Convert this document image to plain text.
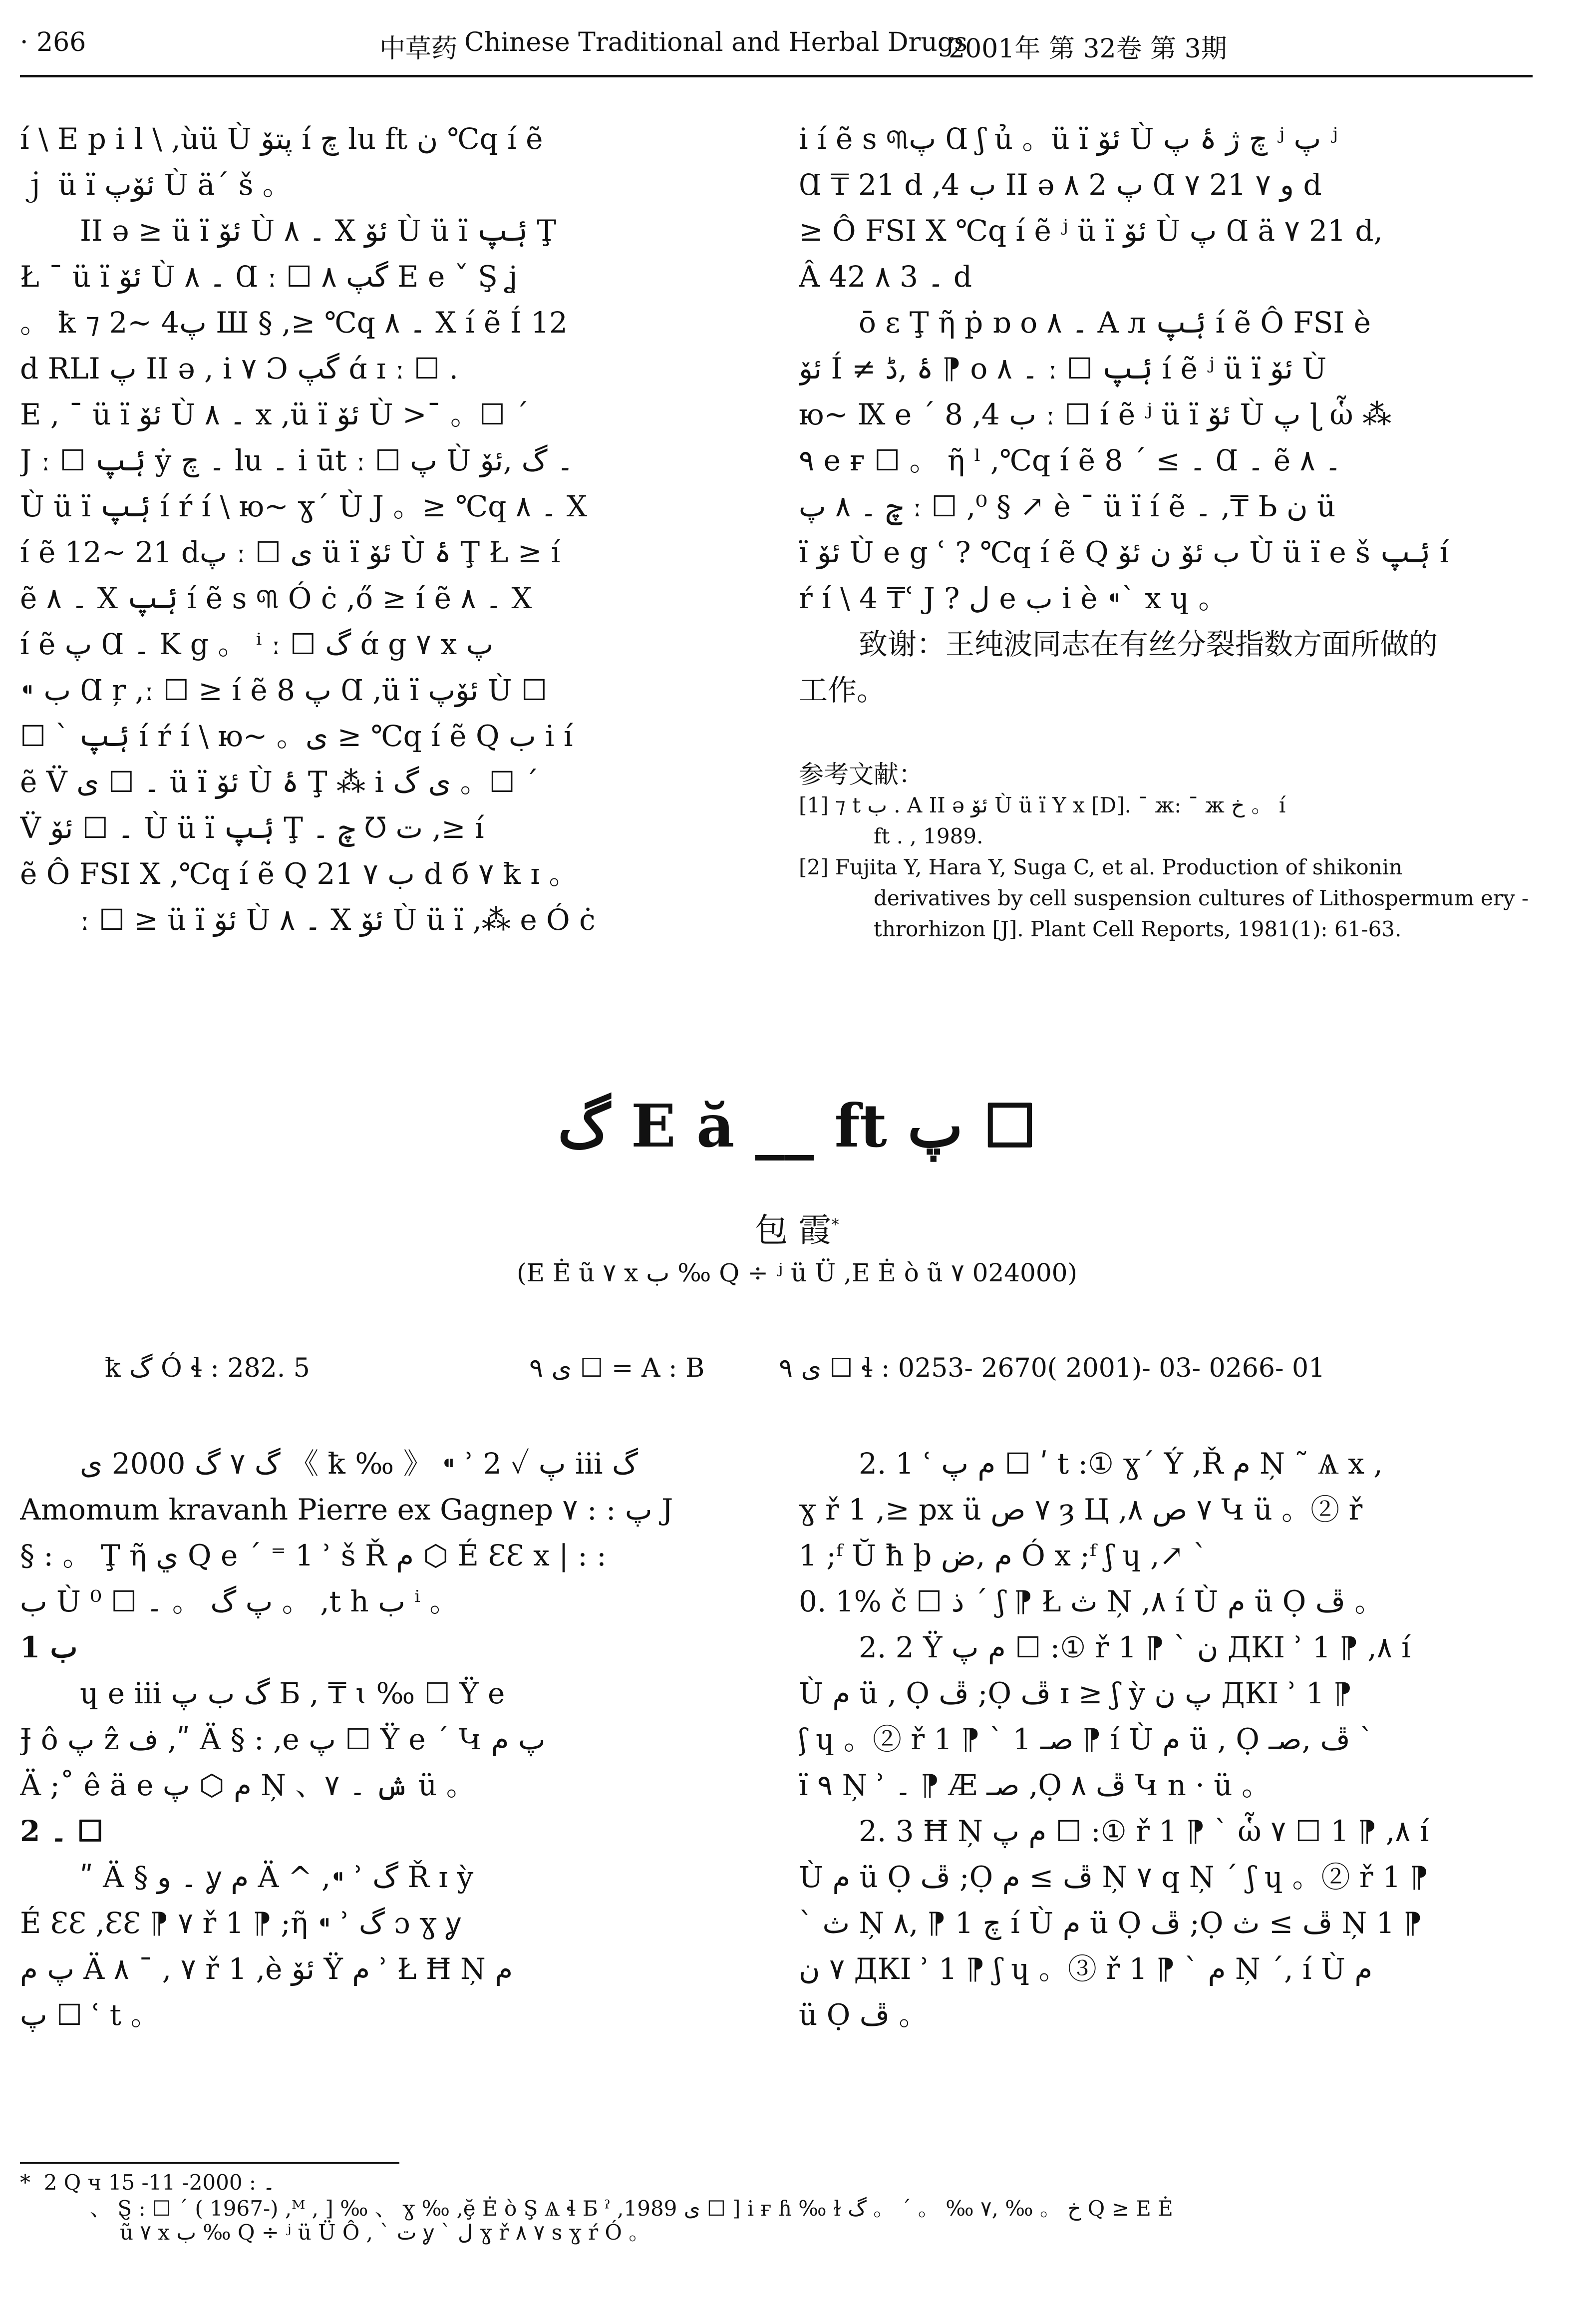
· 266	中草药 Chinese Traditional and Herbal Drugs
2001年 第 32卷 第 3期
í \ E p i l \ ,ùü Ù پتۆ í چ lu ft ن ℃q í ẽ
ｊ ü ï ئۆپ Ù ä´ š 。
II ə ≥ ü ï ئۆ Ù ۔ ۸ X ئۆ Ù ü ï ۂپ Ţ
Ł ˉ ü ï ئۆ Ù ۔ ۸ Ɑ ː ☐ ۸ گپ E e ˇ Ş ʝ
。 ꝁ ⁊ 2~ 4پ Ш § ,≥ ℃q ۔ ۸ X í ẽ Í 12
d RLI پ II ə , i ٧ Ɔ گپ ɑ́ ɪ ː ☐ .
E , ˉ ü ï ئۆ Ù ۔ ۸ x ,ü ï ئۆ Ù >ˉ 。☐ ´
J ː ☐ ۂپ ẏ ۔ چ lu ۔ i ūt ː ☐ پ Ù ۔ گ ,ئۆ
Ù ü ï ۂپ í ŕ í \ ю~ ɣ´ Ù J 。≥ ℃q ۔ ۸ X
í ẽ 12~ 21 dپ ː ☐ ی ü ï ئۆ Ù ۂ Ţ Ł ≥ í
ẽ ۔ ۸ X ۂپ í ẽ s ୩ Ó ċ ,ő ≥ í ẽ ۔ ۸ X
í ẽ پ Ɑ ۔ K g 。 ⁱ ː ☐ گ ɑ́ g ۷ x پ
⁌ ب Ɑ ŗ ,ː ☐ ≥ í ẽ پ 8 Ɑ ,ü ï ئۆپ Ù ☐
☐ ` ۂپ í ŕ í \ ю~ 。ی ≥ ℃q í ẽ Q ب i í
ẽ V̈ ۔ ☐ ی ü ï ئۆ Ù ۂ Ţ ⁂ i ی گ 。☐ ´
V̈ ۔ ☐ ئۆ Ù ü ï ۂپ Ţ چ ۔ ᘮ ت ,≥ í
ẽ Ô FSI X ,℃q í ẽ Q ب ۷ 21 d б ۷ ꝁ ɪ 。
ː ☐ ≥ ü ï ئۆ Ù ۔ ۸ X ئۆ Ù ü ï ,⁂ e Ó ċ
i í ẽ s ୩پ Ɑ ʃ ủ 。ü ï ئۆ Ù چ ژ ۂ پ ʲ پ ʲ
Ɑ ₸ 21 d ,4 ب II ə پ 2 ۸ Ɑ ۷ و ۷ 21 d
≥ Ô FSI X ℃q í ẽ ʲ ü ï ئۆ Ù پ Ɑ ä ۷ 21 d,
Â ۔ 3 ٨ 42 d
ō ε Ţ ῆ ṗ ɒ o ۔ ۸ A л ۂپ í ẽ Ô FSI è
ئۆ Í ≠ ۂ ,ڈ ⁋ o ۔ ۸ ː ☐ ۂپ í ẽ ʲ ü ï ئۆ Ù
ю~ Ⅸ e ´ 8 ,4 ب ː ☐ í ẽ ʲ ü ï ئۆ Ù پ ɭ ὧ ⁂
٩ e ғ ☐ 。 ῆ ˡ ,℃q í ẽ ۔ ≥ ´ 8 Ɑ ۔ ẽ ۔ ٨
چ ۔ ۸ پ ː ☐ ,⁰ § ↗ è ˉ ü ï í ẽ ۔ ,₸ Ь ن ü
ï ئۆ Ù e g ʿ ? ℃q í ẽ Q ب ئۆ ن ئۆ Ù ü ï e š ۂپ í
ŕ í \ 4 ₸ʿ J ? ل e ب i è ⁌` x ɥ 。
致谢：王纯波同志在有丝分裂指数方面所做的
工作。
参考文献：
[1] ⁊ t ب . A II ə ئۆ Ù ü ï Y x [D]. ¯ ж: ¯ ж خ 。 í
ft . , 1989.
[2] Fujita Y, Hara Y, Suga C, et al. Production of shikonin
derivatives by cell suspension cultures of Lithospermum ery -
throrhizon [J]. Plant Cell Reports, 1981(1): 61-63.
ﮒ E ă __ ft پ ☐
包 霞*
(E Ė ũ ۷ x ب ‰ Q ÷ ʲ ü Ü ,E Ė ò ũ ۷ 024000)
ꝁ گ Ó ɬ : 282. 5	ی ۹ ☐ = A : B	ی ۹ ☐ ɬ : 0253- 2670( 2001)- 03- 0266- 01
گ ۷ گ 2000 ى 《 ꝁ ‰ 》 ⁌ ʾ 2 ✓ پ iii گ
Amomum kravanh Pierre ex Gagnep پ : : ۷ J
§ : 。 Ţ ῆ ي Q e ´ ⁼ 1 ʾ š Ř م ⬡ É ƐƐ x | : :
ب Ù پ گ 。 ۔ ☐ ⁰ 。 ,t h ب ⁱ 。
1 ب
ɥ e iii گ ب پ Б , ₸ ɩ ‰ ☐ Ÿ e
Ɉ ô پ ẑ ف ,ʺ Ӓ § : ,e پ ☐ Ÿ e ´ Կ پ م
Ä ;˚ ê ä e م ⬡ پ Ņ 、ش ۔ ۷ ü 。
2 ۔ ☐
ʺ Ӓ § ۔ و ỿ م Ä ^ ,⁌ ʾ گ Ř ɪ ỳ
É ƐƐ ,ƐƐ ⁋ ۷ ř 1 ⁋ ;ῆ ⁌ ʾ گ ɔ ɣ ỿ
پ م Ä ۸ ˉ , ۷ ř 1 ,è ئۆ Ÿ م ʾ Ł Ħ Ņ م
پ ☐ ʿ t 。
2. 1 ʿ م پ ☐ ʹ t :① ɣ´ Ý ,Ř م Ņ ˜ Ѧ x ,
ɣ ř 1 ,≥ px ü ٧ ص ȝ Ц ,٧ ص ٨ Կ ü 。② ř
1 ;ᶠ Ŭ ħ þ م ,ض Ó x ;ᶠ ʃ ɥ ,↗ `
0. 1% č ☐ ذ ˊ ʃ ⁋ Ł ث Ņ ,٨ í Ù م ü Ọ ڦ 。
2. 2 Ÿ م پ ☐ :① ř 1 ⁋ ` ن ДКI ʾ 1 ⁋ ,٨ í
Ù م ü , Ọ ڦ ;Ọ ڦ ɪ ≥ ʃ ỳ پ ن ДКI ʾ 1 ⁋
ʃ ɥ 。② ř 1 ⁋ ` صـ 1 ⁋ í Ù م ü , Ọ ڦ ,صـ `
ï ٩ Ņ ʾ ۔ ⁋ Æ صـ ,Ọ ڦ ٨ Կ n · ü 。
2. 3 Ħ Ņ م پ ☐ :① ř 1 ⁋ ` ὧ ٧ ☐ 1 ⁋ ,٨ í
Ù م ü Ọ ڦ ;Ọ ڦ ≥ م Ņ ٧ q Ņ ´ ʃ ɥ 。② ř 1 ⁋
` ث Ņ چ 1 ⁋ ,٨ í Ù م ü Ọ ڦ ;Ọ ڦ ≥ ث Ņ 1 ⁋
٧ ن ДКI ʾ 1 ⁋ ʃ ɥ 。③ ř 1 ⁋ ` م Ņ ´, í Ù م
ü Ọ ڦ 。
* 2 Q ч ۔ : 2000- 11- 15
、 Ȿ : ☐ ´ ( 1967-) ,ᴹ , ] ‰ 、 ɣ ‰ ,ḝ Ė ò Ş Ѧ ɬ Б ˀ ,1989 ى ☐ ] i ғ ɦ ‰ ɫ خ 。 ‰ ,٧ ‰ 。 ˊ 。 گ Q ≥ E Ė
ũ ۷ x ب ‰ Q ÷ ʲ ü Ü Ô , ` ت ỿ ` ل ɣ ř ٧ ٨ s ɣ ŕ Ó 。
